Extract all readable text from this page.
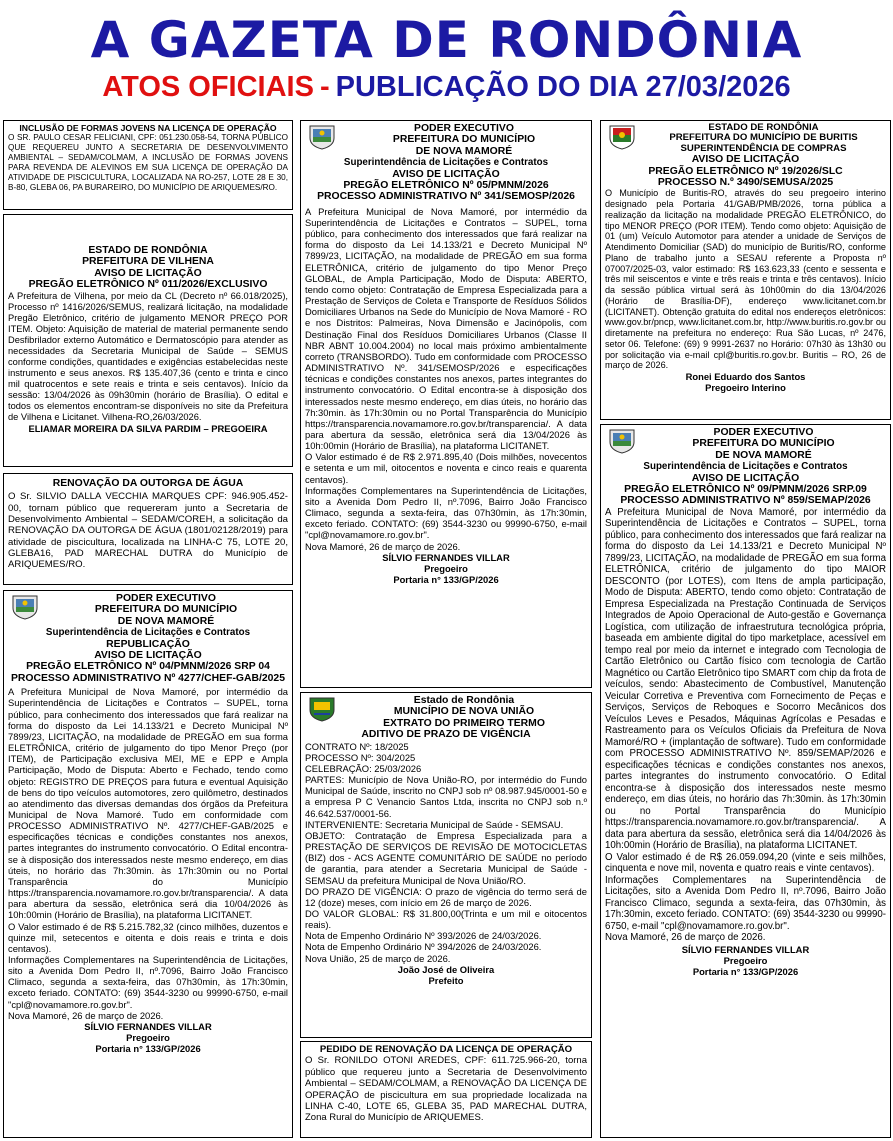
A GAZETA DE RONDÔNIA
ATOS OFICIAIS - PUBLICAÇÃO DO DIA 27/03/2026
INCLUSÃO DE FORMAS JOVENS NA LICENÇA DE OPERAÇÃO
O SR. PAULO CESAR FELICIANI, CPF: 051.230.058-54, TORNA PÚBLICO QUE REQUEREU JUNTO A SECRETARIA DE DESENVOLVIMENTO AMBIENTAL – SEDAM/COLMAM, A INCLUSÃO DE FORMAS JOVENS PARA REVENDA DE ALEVINOS EM SUA LICENÇA DE OPERAÇÃO DA ATIVIDADE DE PISCICULTURA, LOCALIZADA NA RO-257, LOTE 28 E 30, B-80, GLEBA 06, PA BURAREIRO, DO MUNICÍPIO DE ARIQUEMES/RO.
ESTADO DE RONDÔNIA
PREFEITURA DE VILHENA
AVISO DE LICITAÇÃO
PREGÃO ELETRÔNICO Nº 011/2026/EXCLUSIVO
A Prefeitura de Vilhena, por meio da CL (Decreto nº 66.018/2025), Processo nº 1416/2026/SEMUS, realizará licitação, na modalidade Pregão Eletrônico, critério de julgamento MENOR PREÇO POR ITEM. Objeto: Aquisição de material de material permanente sendo Desfibrilador externo Automático e Dermatoscópio para atender as necessidades da Secretaria Municipal de Saúde – SEMUS conforme condições, quantidades e exigências estabelecidas neste instrumento e seus anexos. R$ 135.407,36 (cento e trinta e cinco mil quatrocentos e sete reais e trinta e seis centavos). Início da sessão: 13/04/2026 às 09h30min (horário de Brasília). O edital e todos os elementos encontram-se disponíveis no site da Prefeitura de Vilhena e Licitanet. Vilhena-RO,26/03/2026.
ELIAMAR MOREIRA DA SILVA PARDIM – PREGOEIRA
RENOVAÇÃO DA OUTORGA DE ÁGUA
O Sr. SILVIO DALLA VECCHIA MARQUES CPF: 946.905.452-00, tornam público que requereram junto a Secretaria de Desenvolvimento Ambiental – SEDAM/COREH, a solicitação da RENOVAÇÃO DA OUTORGA DE ÁGUA (1801/02128/2019) para atividade de piscicultura, localizada na LINHA-C 75, LOTE 20, GLEBA16, PAD MARECHAL DUTRA do Município de ARIQUEMES/RO.
PODER EXECUTIVO
PREFEITURA DO MUNICÍPIO
DE NOVA MAMORÉ
Superintendência de Licitações e Contratos
REPUBLICAÇÃO
AVISO DE LICITAÇÃO
PREGÃO ELETRÔNICO Nº 04/PMNM/2026 SRP 04
PROCESSO ADMINISTRATIVO Nº 4277/CHEF-GAB/2025
A Prefeitura Municipal de Nova Mamoré, por intermédio da Superintendência de Licitações e Contratos – SUPEL, torna público, para conhecimento dos interessados que fará realizar na forma do disposto da Lei 14.133/21 e Decreto Municipal Nº 7899/23, LICITAÇÃO, na modalidade de PREGÃO em sua forma ELETRÔNICA, critério de julgamento do tipo Menor Preço (por ITEM), de Participação exclusiva MEI, ME e EPP e Ampla Participação, Modo de Disputa: Aberto e Fechado, tendo como objeto: REGISTRO DE PREÇOS para futura e eventual Aquisição de bens do tipo veículos automotores, zero quilômetro, destinados ao atendimento das diversas demandas dos órgãos da Prefeitura Municipal de Nova Mamoré. Tudo em conformidade com PROCESSO ADMINISTRATIVO Nº. 4277/CHEF-GAB/2025 e especificações técnicas e condições constantes nos anexos, partes integrantes do instrumento convocatório. O Edital encontra-se à disposição dos interessados neste mesmo endereço, em dias úteis, no horário das 7h:30min. às 17h:30min ou no Portal Transparência do Município https://transparencia.novamamore.ro.gov.br/transparencia/. A data para abertura da sessão, eletrônica será dia 10/04/2026 às 10h:00min (Horário de Brasília), na plataforma LICITANET.
O Valor estimado é de R$ 5.215.782,32 (cinco milhões, duzentos e quinze mil, setecentos e oitenta e dois reais e trinta e dois centavos).
Informações Complementares na Superintendência de Licitações, sito a Avenida Dom Pedro II, nº.7096, Bairro João Francisco Climaco, segunda a sexta-feira, das 07h30min, às 17h:30min, exceto feriado. CONTATO: (69) 3544-3230 ou 99990-6750, e-mail "cpl@novamamore.ro.gov.br".
Nova Mamoré, 26 de março de 2026.
SÍLVIO FERNANDES VILLAR
Pregoeiro
Portaria n° 133/GP/2026
PODER EXECUTIVO
PREFEITURA DO MUNICÍPIO
DE NOVA MAMORÉ
Superintendência de Licitações e Contratos
AVISO DE LICITAÇÃO
PREGÃO ELETRÔNICO Nº 05/PMNM/2026
PROCESSO ADMINISTRATIVO Nº 341/SEMOSP/2026
A Prefeitura Municipal de Nova Mamoré, por intermédio da Superintendência de Licitações e Contratos – SUPEL, torna público, para conhecimento dos interessados que fará realizar na forma do disposto da Lei 14.133/21 e Decreto Municipal Nº 7899/23, LICITAÇÃO, na modalidade de PREGÃO em sua forma ELETRÔNICA, critério de julgamento do tipo Menor Preço GLOBAL, de Ampla Participação, Modo de Disputa: ABERTO, tendo como objeto: Contratação de Empresa Especializada para a Prestação de Serviços de Coleta e Transporte de Resíduos Sólidos Domiciliares Urbanos na Sede do Município de Nova Mamoré - RO e nos Distritos: Palmeiras, Nova Dimensão e Jacinópolis, com Destinação Final dos Resíduos Domiciliares Urbanos (Classe II NBR ABNT 10.004.2004) no local mais próximo ambientalmente correto (TRANSBORDO). Tudo em conformidade com PROCESSO ADMINISTRATIVO Nº. 341/SEMOSP/2026 e especificações técnicas e condições constantes nos anexos, partes integrantes do instrumento convocatório. O Edital encontra-se à disposição dos interessados neste mesmo endereço, em dias úteis, no horário das 7h:30min. às 17h:30min ou no Portal Transparência do Município https://transparencia.novamamore.ro.gov.br/transparencia/. A data para abertura da sessão, eletrônica será dia 13/04/2026 às 10h:00min (Horário de Brasília), na plataforma LICITANET.
O Valor estimado é de R$ 2.971.895,40 (Dois milhões, novecentos e setenta e um mil, oitocentos e noventa e cinco reais e quarenta centavos).
Informações Complementares na Superintendência de Licitações, sito a Avenida Dom Pedro II, nº.7096, Bairro João Francisco Climaco, segunda a sexta-feira, das 07h30min, às 17h:30min, exceto feriado. CONTATO: (69) 3544-3230 ou 99990-6750, e-mail "cpl@novamamore.ro.gov.br".
Nova Mamoré, 26 de março de 2026.
SÍLVIO FERNANDES VILLAR
Pregoeiro
Portaria n° 133/GP/2026
Estado de Rondônia
MUNICÍPIO DE NOVA UNIÃO
EXTRATO DO PRIMEIRO TERMO
ADITIVO DE PRAZO DE VIGÊNCIA
CONTRATO Nº: 18/2025
PROCESSO Nº: 304/2025
CELEBRAÇÃO: 25/03/2026
PARTES: Município de Nova União-RO, por intermédio do Fundo Municipal de Saúde, inscrito no CNPJ sob nº 08.987.945/0001-50 e a empresa P C Venancio Santos Ltda, inscrita no CNPJ sob n.º 46.642.537/0001-56.
INTERVENIENTE: Secretaria Municipal de Saúde - SEMSAU.
OBJETO: Contratação de Empresa Especializada para a PRESTAÇÃO DE SERVIÇOS DE REVISÃO DE MOTOCICLETAS (BIZ) dos - ACS AGENTE COMUNITÁRIO DE SAÚDE no período de garantia, para atender a Secretaria Municipal de Saúde - SEMSAU da prefeitura Municipal de Nova União/RO.
DO PRAZO DE VIGÊNCIA: O prazo de vigência do termo será de 12 (doze) meses, com início em 26 de março de 2026.
DO VALOR GLOBAL: R$ 31.800,00(Trinta e um mil e oitocentos reais).
Nota de Empenho Ordinário Nº 393/2026 de 24/03/2026.
Nota de Empenho Ordinário Nº 394/2026 de 24/03/2026.
Nova União, 25 de março de 2026.
João José de Oliveira
Prefeito
PEDIDO DE RENOVAÇÃO DA LICENÇA DE OPERAÇÃO
O Sr. RONILDO OTONI AREDES, CPF: 611.725.966-20, torna público que requereu junto a Secretaria de Desenvolvimento Ambiental – SEDAM/COLMAM, a RENOVAÇÃO DA LICENÇA DE OPERAÇÃO de piscicultura em sua propriedade localizada na LINHA C-40, LOTE 65, GLEBA 35, PAD MARECHAL DUTRA, Zona Rural do Município de ARIQUEMES.
ESTADO DE RONDÔNIA
PREFEITURA DO MUNICÍPIO DE BURITIS
SUPERINTENDÊNCIA DE COMPRAS
AVISO DE LICITAÇÃO
PREGÃO ELETRÔNICO Nº 19/2026/SLC
PROCESSO N.º 3490/SEMUSA/2025
O Município de Buritis-RO, através do seu pregoeiro interino designado pela Portaria 41/GAB/PMB/2026, torna pública a realização da licitação na modalidade PREGÃO ELETRÔNICO, do tipo MENOR PREÇO (POR ITEM). Tendo como objeto: Aquisição de 01 (um) Veículo Automotor para atender a unidade de Serviços de Atendimento Domiciliar (SAD) do município de Buritis/RO, conforme Plano de trabalho junto a SESAU referente a Proposta nº 07007/2025-03, valor estimado: R$ 163.623,33 (cento e sessenta e três mil seiscentos e vinte e três reais e trinta e três centavos). Início da sessão pública virtual será às 10h00min do dia 13/04/2026 (Horário de Brasília-DF), endereço www.licitanet.com.br (LICITANET). Obtenção gratuita do edital nos endereços eletrônicos: www.gov.br/pncp, www.licitanet.com.br, http://www.buritis.ro.gov.br ou diretamente na prefeitura no endereço: Rua São Lucas, nº 2476, setor 06. Telefone: (69) 9 9991-2637 no Horário: 07h30 às 13h30 ou por solicitação via e-mail cpl@buritis.ro.gov.br. Buritis – RO, 26 de março de 2026.
Ronei Eduardo dos Santos
Pregoeiro Interino
PODER EXECUTIVO
PREFEITURA DO MUNICÍPIO
DE NOVA MAMORÉ
Superintendência de Licitações e Contratos
AVISO DE LICITAÇÃO
PREGÃO ELETRÔNICO Nº 09/PMNM/2026 SRP.09
PROCESSO ADMINISTRATIVO Nº 859/SEMAP/2026
A Prefeitura Municipal de Nova Mamoré, por intermédio da Superintendência de Licitações e Contratos – SUPEL, torna público, para conhecimento dos interessados que fará realizar na forma do disposto da Lei 14.133/21 e Decreto Municipal Nº 7899/23, LICITAÇÃO, na modalidade de PREGÃO em sua forma ELETRÔNICA, critério de julgamento do tipo MAIOR DESCONTO (por LOTES), com Itens de ampla participação, Modo de Disputa: ABERTO, tendo como objeto: Contratação de Empresa Especializada na Prestação Continuada de Serviços Integrados de Apoio Operacional de Auto-gestão e Governança Logística, com utilização de infraestrutura tecnológica própria, baseada em ambiente digital do tipo marketplace, acessível em tempo real por meio da internet e integrado com Tecnologia de Cartão Eletrônico ou Cartão físico com tecnologia de Cartão Magnético ou Cartão Eletrônico tipo SMART com chip da frota de veículos, sendo: Abastecimento de Combustível, Manutenção Veicular Corretiva e Preventiva com Fornecimento de Peças e Serviços, Serviços de Reboques e Socorro Mecânicos dos Veículos Leves e Pesados, Máquinas Agrícolas e Pesadas e Rastreamento para os Veículos Oficiais da Prefeitura de Nova Mamoré/RO + (implantação de software). Tudo em conformidade com PROCESSO ADMINISTRATIVO Nº. 859/SEMAP/2026 e especificações técnicas e condições constantes nos anexos, partes integrantes do instrumento convocatório. O Edital encontra-se à disposição dos interessados neste mesmo endereço, em dias úteis, no horário das 7h:30min. às 17h:30min ou no Portal Transparência do Município https://transparencia.novamamore.ro.gov.br/transparencia/. A data para abertura da sessão, eletrônica será dia 14/04/2026 às 10h:00min (Horário de Brasília), na plataforma LICITANET.
O Valor estimado é de R$ 26.059.094,20 (vinte e seis milhões, cinquenta e nove mil, noventa e quatro reais e vinte centavos).
Informações Complementares na Superintendência de Licitações, sito a Avenida Dom Pedro II, nº.7096, Bairro João Francisco Climaco, segunda a sexta-feira, das 07h30min, às 17h:30min, exceto feriado. CONTATO: (69) 3544-3230 ou 99990-6750, e-mail "cpl@novamamore.ro.gov.br".
Nova Mamoré, 26 de março de 2026.
SÍLVIO FERNANDES VILLAR
Pregoeiro
Portaria n° 133/GP/2026
